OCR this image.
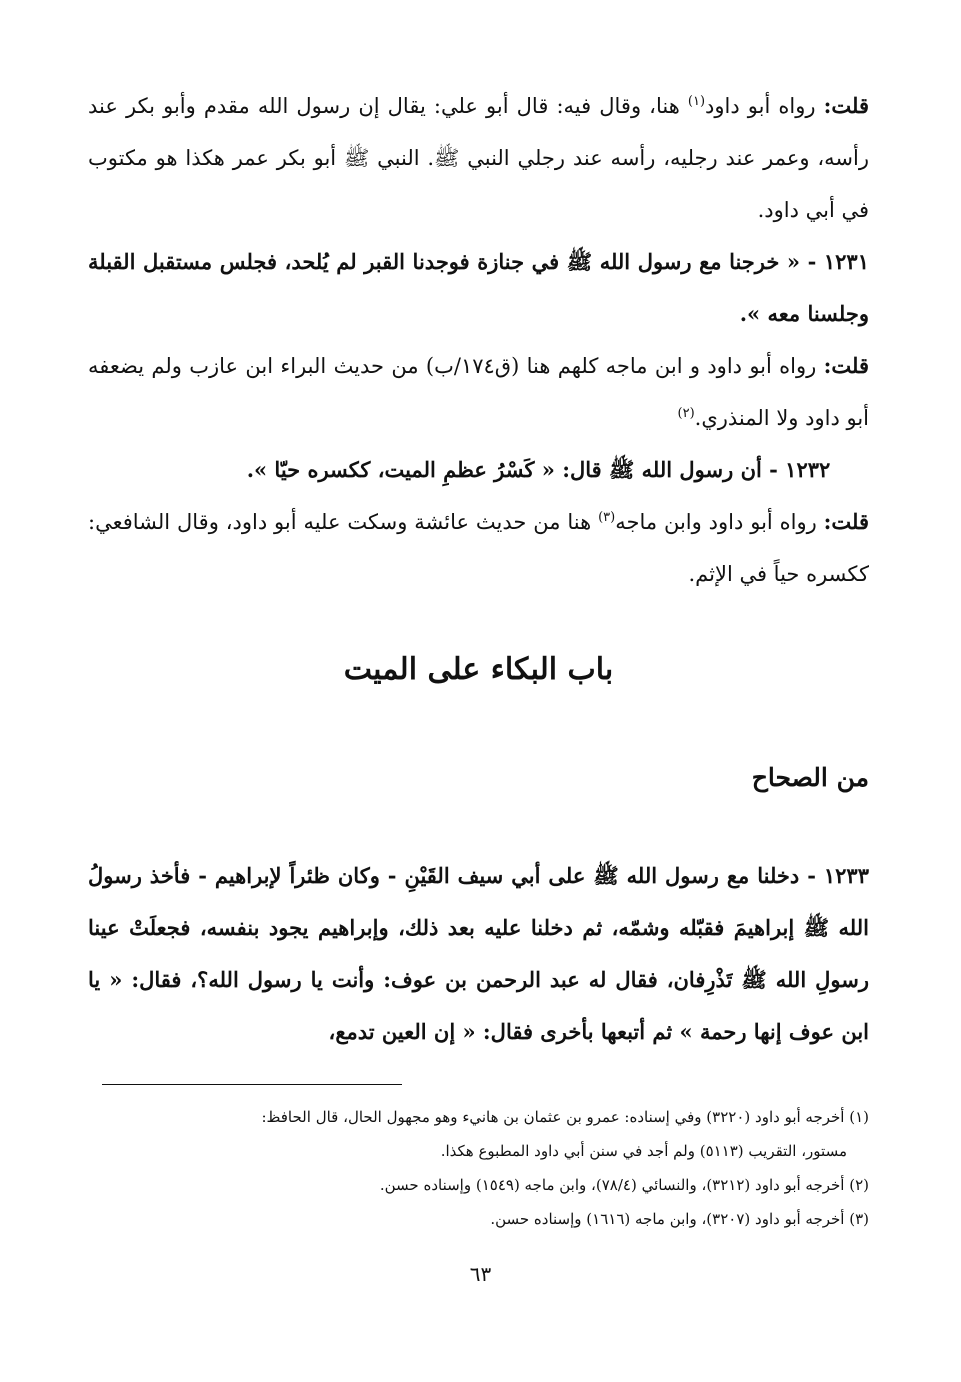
قلت: رواه أبو داود$^{(١)}$ هنا، وقال فيه: قال أبو علي: يقال إن رسول الله مقدم وأبو بكر عند رأسه، وعمر عند رجليه، رأسه عند رجلي النبي ﷺ. النبي ﷺ أبو بكر عمر هكذا هو مكتوب في أبي داود.

١٢٣١ - « خرجنا مع رسول الله ﷺ في جنازة فوجدنا القبر لم يُلحد، فجلس مستقبل القبلة وجلسنا معه ».

قلت: رواه أبو داود و ابن ماجه كلهم هنا (ق١٧٤/ب) من حديث البراء ابن عازب ولم يضعفه أبو داود ولا المنذري.$^{(٢)}$

١٢٣٢ - أن رسول الله ﷺ قال: « كَسْرُ عظمِ الميت، ككسره حيّا ».

قلت: رواه أبو داود وابن ماجه$^{(٣)}$ هنا من حديث عائشة وسكت عليه أبو داود، وقال الشافعي: ككسره حياً في الإثم.

باب البكاء على الميت
من الصحاح

١٢٣٣ - دخلنا مع رسول الله ﷺ على أبي سيف القَيْنِ - وكان ظئراً لإبراهيم - فأخذ رسولُ الله ﷺ إبراهيمَ فقبّله وشمّه، ثم دخلنا عليه بعد ذلك، وإبراهيم يجود بنفسه، فجعلَتْ عينا رسولِ الله ﷺ تَذْرِفان، فقال له عبد الرحمن بن عوف: وأنت يا رسول الله؟، فقال: « يا ابن عوف إنها رحمة » ثم أتبعها بأخرى فقال: « إن العين تدمع،

(١) أخرجه أبو داود (٣٢٢٠) وفي إسناده: عمرو بن عثمان بن هانيء وهو مجهول الحال، قال الحافظ:

مستور، التقريب (٥١١٣) ولم أجد في سنن أبي داود المطبوع هكذا.

(٢) أخرجه أبو داود (٣٢١٢)، والنسائي (٧٨/٤)، وابن ماجه (١٥٤٩) وإسناده حسن.

(٣) أخرجه أبو داود (٣٢٠٧)، وابن ماجه (١٦١٦) وإسناده حسن.

٦٣
